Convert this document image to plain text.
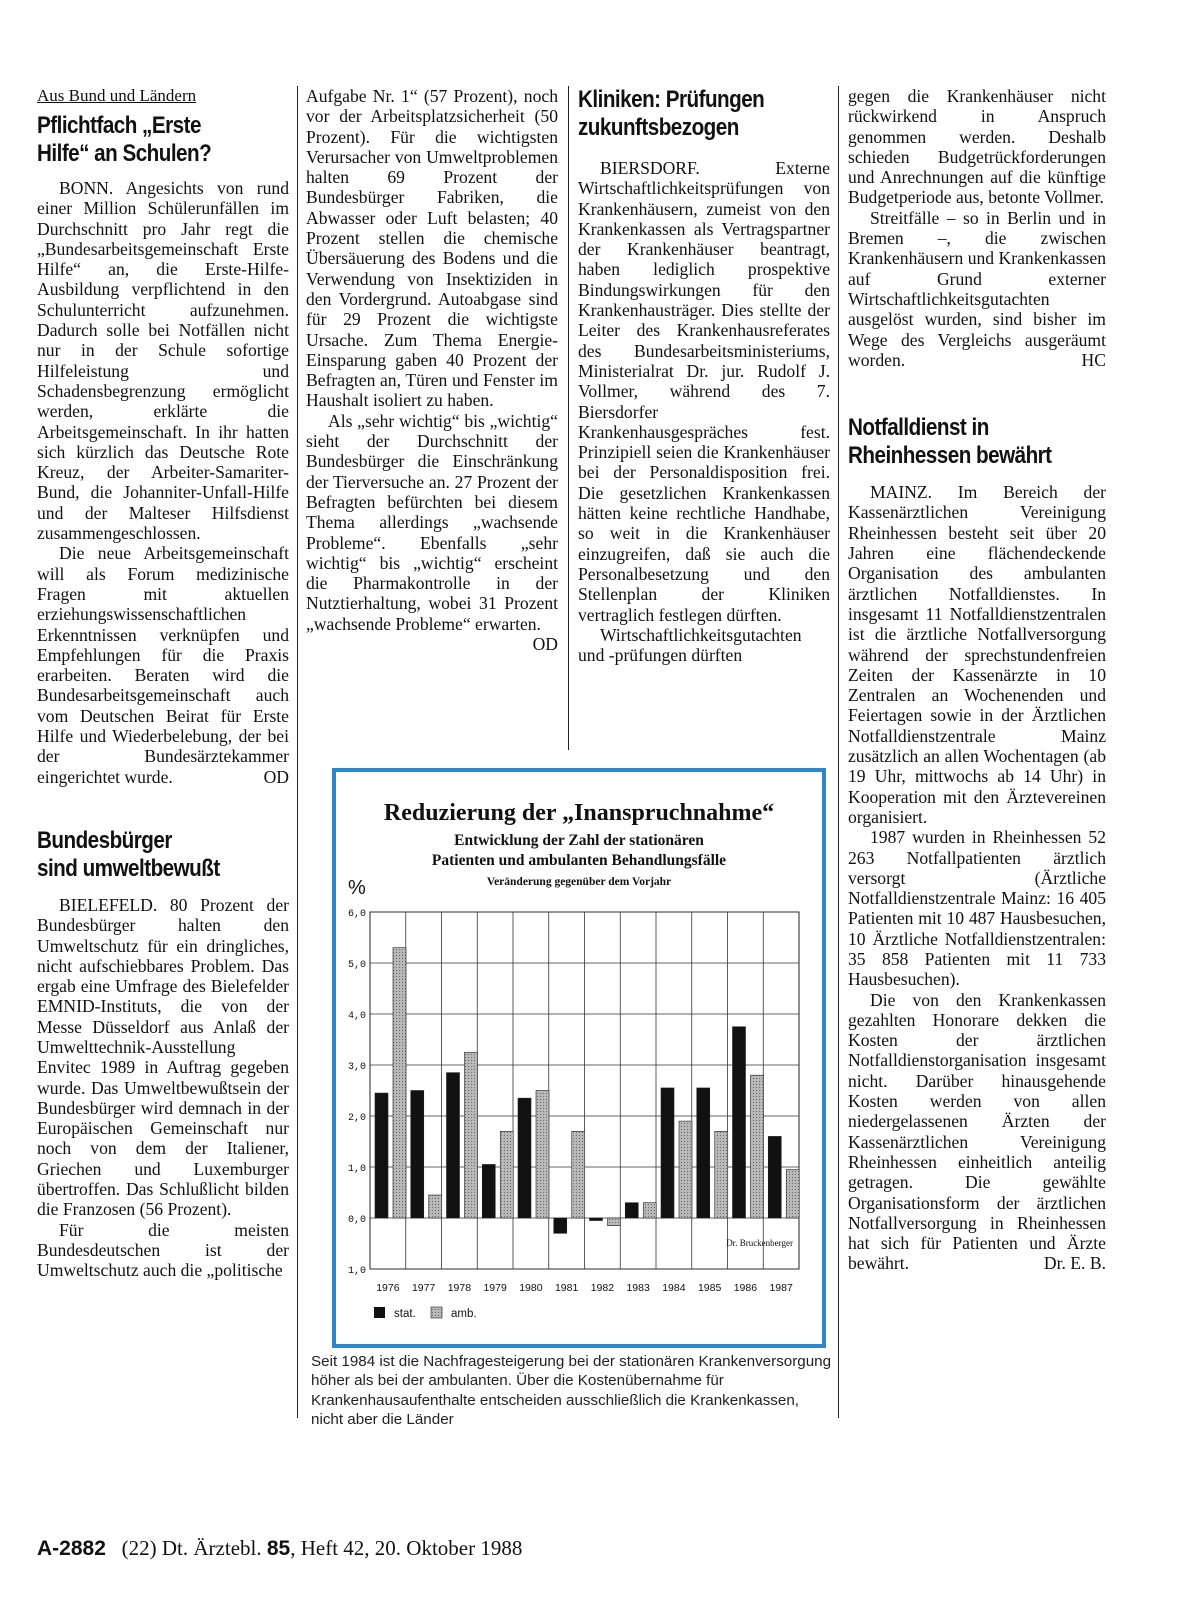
Aus Bund und Ländern
Pflichtfach „Erste
Hilfe“ an Schulen?

BONN. Angesichts von rund einer Million Schülerunfällen im Durchschnitt pro Jahr regt die „Bundesarbeitsgemeinschaft Erste Hilfe“ an, die Erste-Hilfe-Ausbildung verpflichtend in den Schulunterricht aufzunehmen. Dadurch solle bei Notfällen nicht nur in der Schule sofortige Hilfeleistung und Schadensbegrenzung ermöglicht werden, erklärte die Arbeitsgemeinschaft. In ihr hatten sich kürzlich das Deutsche Rote Kreuz, der Arbeiter-Samariter-Bund, die Johanniter-Unfall-Hilfe und der Malteser Hilfsdienst zusammengeschlossen.

Die neue Arbeitsgemeinschaft will als Forum medizinische Fragen mit aktuellen erziehungswissenschaftlichen Erkenntnissen verknüpfen und Empfehlungen für die Praxis erarbeiten. Beraten wird die Bundesarbeitsgemeinschaft auch vom Deutschen Beirat für Erste Hilfe und Wiederbelebung, der bei der Bundesärztekammer eingerichtet wurde.	OD

Bundesbürger
sind umweltbewußt

BIELEFELD. 80 Prozent der Bundesbürger halten den Umweltschutz für ein dringliches, nicht aufschiebbares Problem. Das ergab eine Umfrage des Bielefelder EMNID-Instituts, die von der Messe Düsseldorf aus Anlaß der Umwelttechnik-Ausstellung Envitec 1989 in Auftrag gegeben wurde. Das Umweltbewußtsein der Bundesbürger wird demnach in der Europäischen Gemeinschaft nur noch von dem der Italiener, Griechen und Luxemburger übertroffen. Das Schlußlicht bilden die Franzosen (56 Prozent).

Für die meisten Bundesdeutschen ist der Umweltschutz auch die „politische

Aufgabe Nr. 1“ (57 Prozent), noch vor der Arbeitsplatzsicherheit (50 Prozent). Für die wichtigsten Verursacher von Umweltproblemen halten 69 Prozent der Bundesbürger Fabriken, die Abwasser oder Luft belasten; 40 Prozent stellen die chemische Übersäuerung des Bodens und die Verwendung von Insektiziden in den Vordergrund. Autoabgase sind für 29 Prozent die wichtigste Ursache. Zum Thema Energie-Einsparung gaben 40 Prozent der Befragten an, Türen und Fenster im Haushalt isoliert zu haben.

Als „sehr wichtig“ bis „wichtig“ sieht der Durchschnitt der Bundesbürger die Einschränkung der Tierversuche an. 27 Prozent der Befragten befürchten bei diesem Thema allerdings „wachsende Probleme“. Ebenfalls „sehr wichtig“ bis „wichtig“ erscheint die Pharmakontrolle in der Nutztierhaltung, wobei 31 Prozent „wachsende Probleme“ erwarten.
OD

Kliniken: Prüfungen
zukunftsbezogen

BIERSDORF. Externe Wirtschaftlichkeitsprüfungen von Krankenhäusern, zumeist von den Krankenkassen als Vertragspartner der Krankenhäuser beantragt, haben lediglich prospektive Bindungswirkungen für den Krankenhausträger. Dies stellte der Leiter des Krankenhausreferates des Bundesarbeitsministeriums, Ministerialrat Dr. jur. Rudolf J. Vollmer, während des 7. Biersdorfer Krankenhausgespräches fest. Prinzipiell seien die Krankenhäuser bei der Personaldisposition frei. Die gesetzlichen Krankenkassen hätten keine rechtliche Handhabe, so weit in die Krankenhäuser einzugreifen, daß sie auch die Personalbesetzung und den Stellenplan der Kliniken vertraglich festlegen dürften.

Wirtschaftlichkeitsgutachten und -prüfungen dürften

gegen die Krankenhäuser nicht rückwirkend in Anspruch genommen werden. Deshalb schieden Budgetrückforderungen und Anrechnungen auf die künftige Budgetperiode aus, betonte Vollmer.

Streitfälle – so in Berlin und in Bremen –, die zwischen Krankenhäusern und Krankenkassen auf Grund externer Wirtschaftlichkeitsgutachten ausgelöst wurden, sind bisher im Wege des Vergleichs ausgeräumt worden.	HC

Notfalldienst in
Rheinhessen bewährt

MAINZ. Im Bereich der Kassenärztlichen Vereinigung Rheinhessen besteht seit über 20 Jahren eine flächendeckende Organisation des ambulanten ärztlichen Notfalldienstes. In insgesamt 11 Notfalldienstzentralen ist die ärztliche Notfallversorgung während der sprechstundenfreien Zeiten der Kassenärzte in 10 Zentralen an Wochenenden und Feiertagen sowie in der Ärztlichen Notfalldienstzentrale Mainz zusätzlich an allen Wochentagen (ab 19 Uhr, mittwochs ab 14 Uhr) in Kooperation mit den Ärztevereinen organisiert.

1987 wurden in Rheinhessen 52 263 Notfallpatienten ärztlich versorgt (Ärztliche Notfalldienstzentrale Mainz: 16 405 Patienten mit 10 487 Hausbesuchen, 10 Ärztliche Notfalldienstzentralen: 35 858 Patienten mit 11 733 Hausbesuchen).

Die von den Krankenkassen gezahlten Honorare dekken die Kosten der ärztlichen Notfalldienstorganisation insgesamt nicht. Darüber hinausgehende Kosten werden von allen niedergelassenen Ärzten der Kassenärztlichen Vereinigung Rheinhessen einheitlich anteilig getragen. Die gewählte Organisationsform der ärztlichen Notfallversorgung in Rheinhessen hat sich für Patienten und Ärzte bewährt.	Dr. E. B.

Reduzierung der „Inanspruchnahme“
Entwicklung der Zahl der stationären
Patienten und ambulanten Behandlungsfälle
Veränderung gegenüber dem Vorjahr
%
6,0
5,0
4,0
3,0
2,0
1,0
0,0
1,0
1976 1977 1978 1979 1980 1981 1982 1983 1984 1985 1986 1987
Dr. Bruckenberger
stat.	amb.
Seit 1984 ist die Nachfragesteigerung bei der stationären Krankenversorgung höher als bei der ambulanten. Über die Kostenübernahme für Krankenhausaufenthalte entscheiden ausschließlich die Krankenkassen, nicht aber die Länder
A-2882 (22) Dt. Ärztebl. 85, Heft 42, 20. Oktober 1988
